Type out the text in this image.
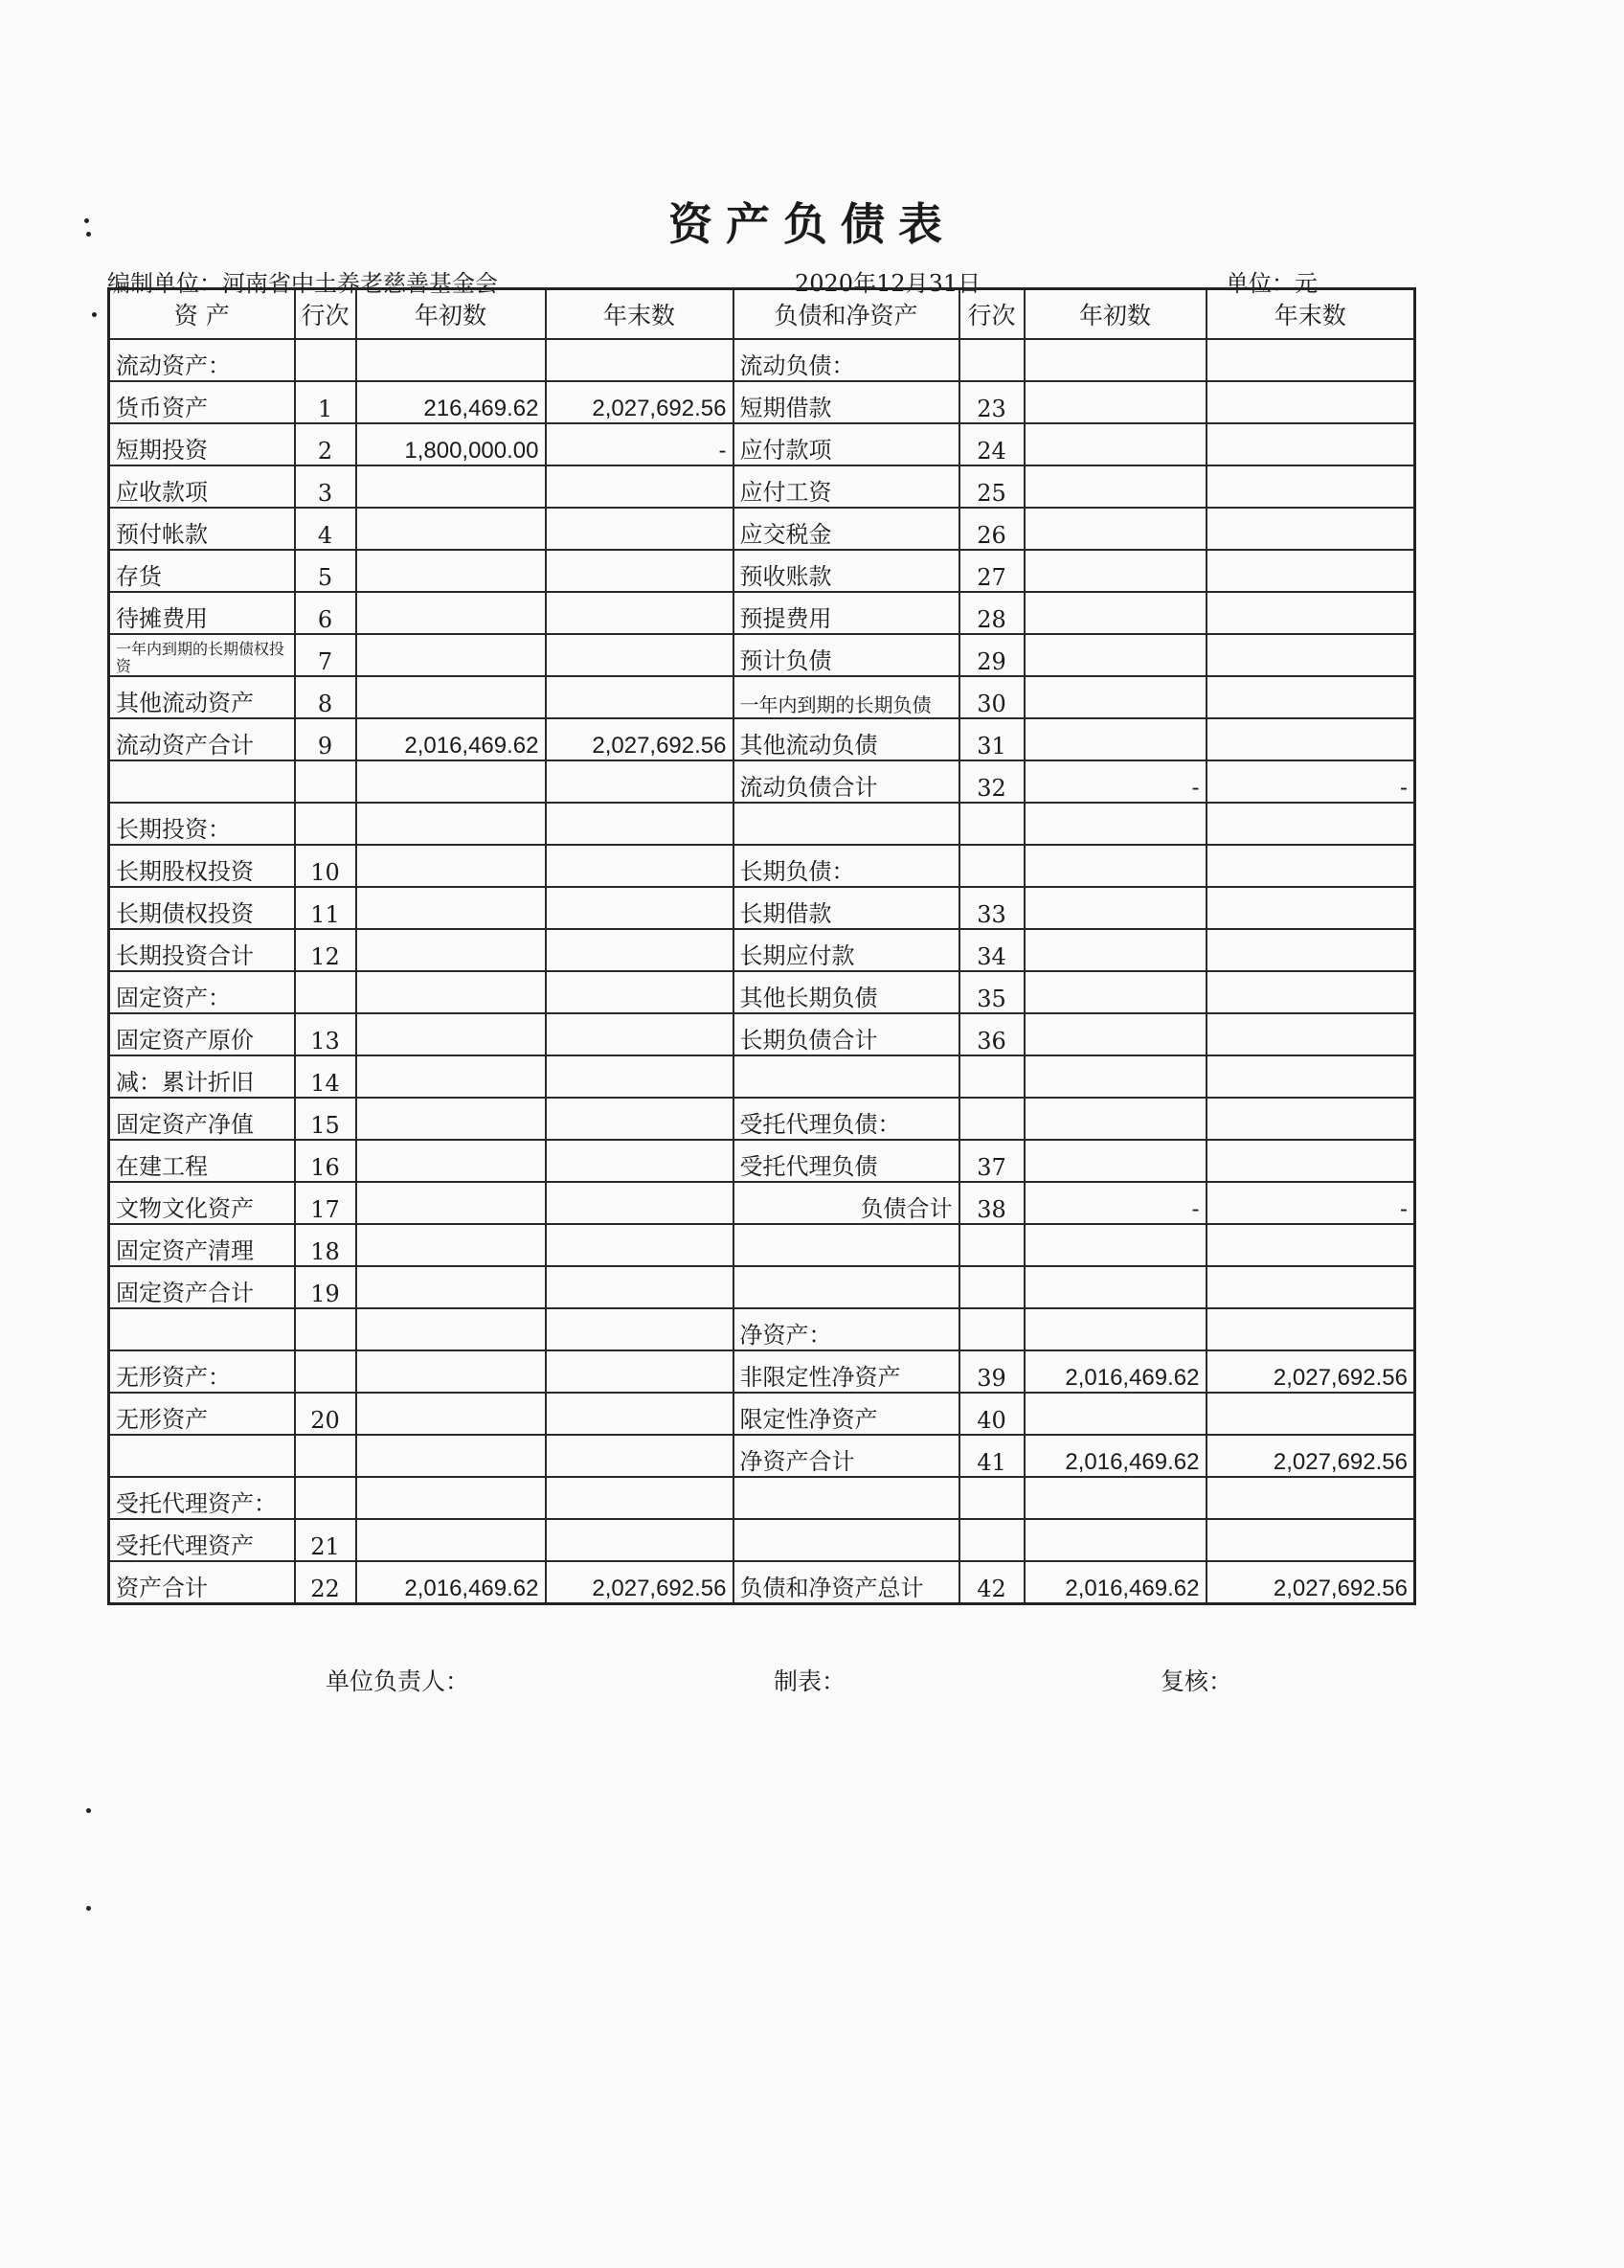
资产负债表
编制单位：河南省中土养老慈善基金会	2020年12月31日	单位：元
资 产	行次	年初数	年末数	负债和净资产	行次	年初数	年末数
流动资产：				流动负债：			
货币资产	1	216,469.62	2,027,692.56	短期借款	23		
短期投资	2	1,800,000.00	-	应付款项	24		
应收款项	3			应付工资	25		
预付帐款	4			应交税金	26		
存货	5			预收账款	27		
待摊费用	6			预提费用	28		

一年内到期的长期债权投资	7			预计负债	29		
其他流动资产	8			一年内到期的长期负债	30		
流动资产合计	9	2,016,469.62	2,027,692.56	其他流动负债	31		
				流动负债合计	32	-	-
长期投资：							
长期股权投资	10			长期负债：			
长期债权投资	11			长期借款	33		
长期投资合计	12			长期应付款	34		
固定资产：				其他长期负债	35		
固定资产原价	13			长期负债合计	36		
减：累计折旧	14						
固定资产净值	15			受托代理负债：			
在建工程	16			受托代理负债	37		
文物文化资产	17			负债合计	38	-	-
固定资产清理	18						
固定资产合计	19						
				净资产：			
无形资产：				非限定性净资产	39	2,016,469.62	2,027,692.56
无形资产	20			限定性净资产	40		
				净资产合计	41	2,016,469.62	2,027,692.56
受托代理资产：							
受托代理资产	21						
资产合计	22	2,016,469.62	2,027,692.56	负债和净资产总计	42	2,016,469.62	2,027,692.56
单位负责人：	制表：	复核：
